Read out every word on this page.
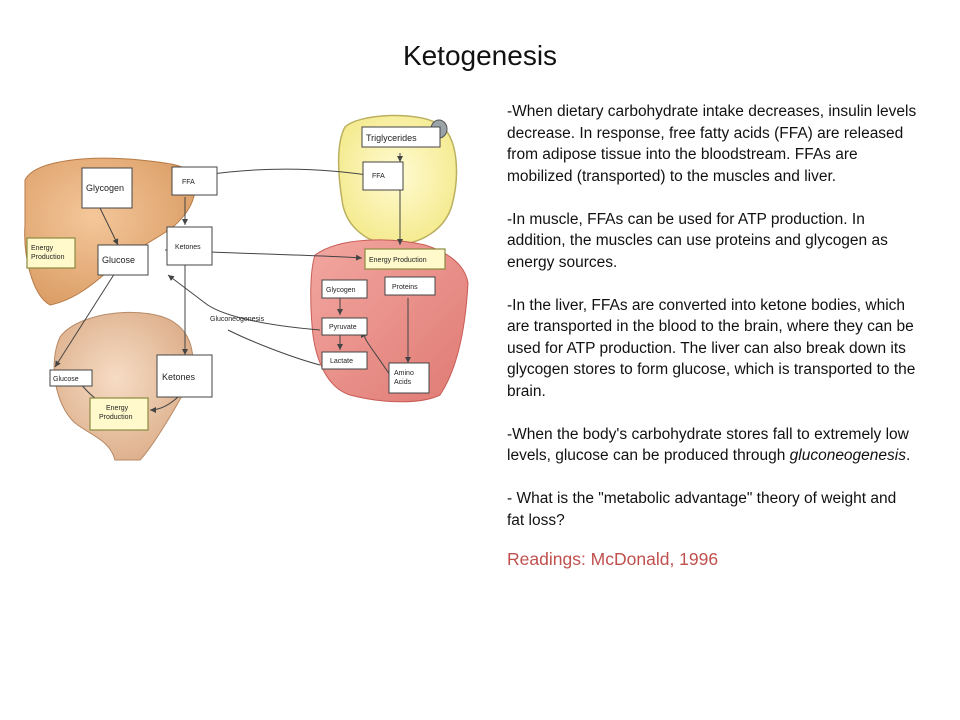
Ketogenesis
Triglycerides
FFA
FFA
Glycogen
Energy Production	Glucose
Ketones
Energy Production
Glycogen	Proteins
Pyruvate
Lactate
Amino Acids
Gluconeogenesis
Glucose	Ketones
Energy Production

-When dietary carbohydrate intake decreases, insulin levels decrease. In response, free fatty acids (FFA) are released from adipose tissue into the bloodstream. FFAs are mobilized (transported) to the muscles and liver.

-In muscle, FFAs can be used for ATP production. In addition, the muscles can use proteins and glycogen as energy sources.

-In the liver, FFAs are converted into ketone bodies, which are transported in the blood to the brain, where they can be used for ATP production. The liver can also break down its glycogen stores to form glucose, which is transported to the brain.

-When the body's carbohydrate stores fall to extremely low levels, glucose can be produced through gluconeogenesis.

- What is the "metabolic advantage" theory of weight and fat loss?

Readings: McDonald, 1996
